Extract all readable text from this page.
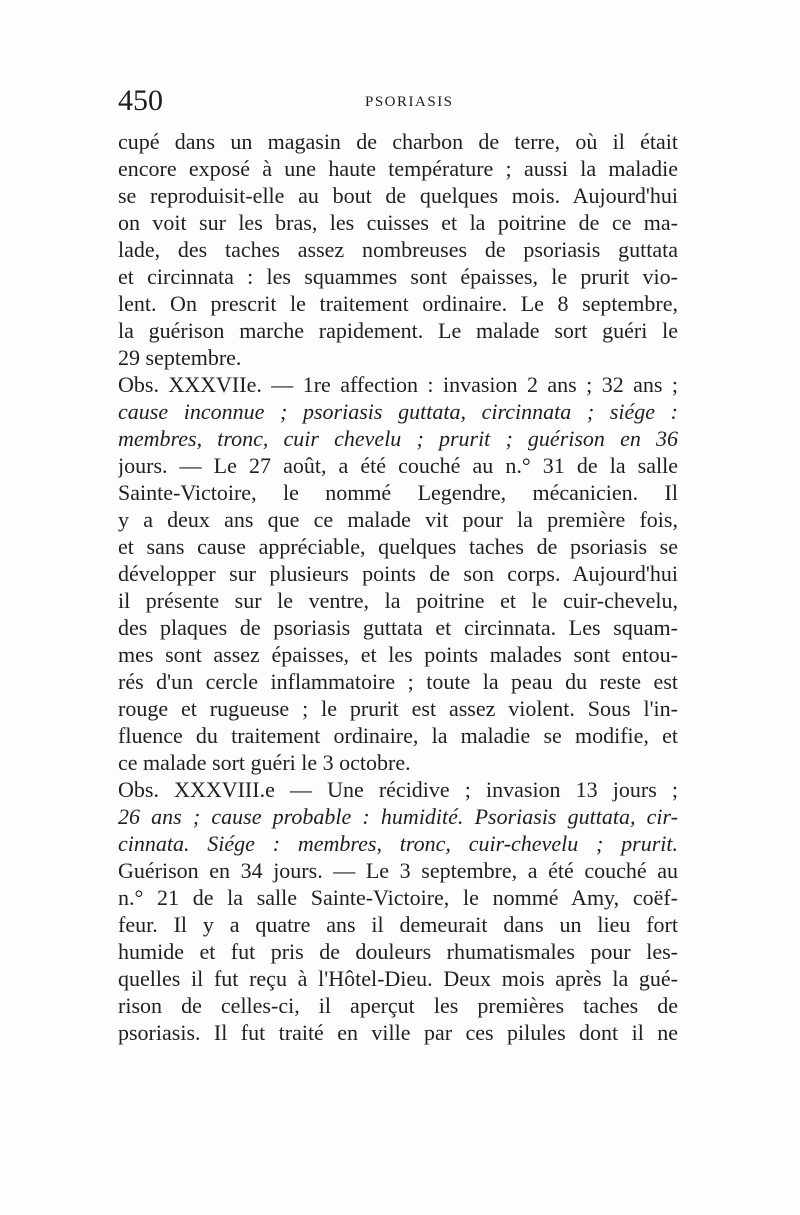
450	PSORIASIS
cupé dans un magasin de charbon de terre, où il était
encore exposé à une haute température ; aussi la maladie
se reproduisit-elle au bout de quelques mois. Aujourd'hui
on voit sur les bras, les cuisses et la poitrine de ce ma-
lade, des taches assez nombreuses de psoriasis guttata
et circinnata : les squammes sont épaisses, le prurit vio-
lent. On prescrit le traitement ordinaire. Le 8 septembre,
la guérison marche rapidement. Le malade sort guéri le
29 septembre.
Obs. XXXVIIe. — 1re affection : invasion 2 ans ; 32 ans ;
cause inconnue ; psoriasis guttata, circinnata ; siége :
membres, tronc, cuir chevelu ; prurit ; guérison en 36
jours. — Le 27 août, a été couché au n.° 31 de la salle
Sainte-Victoire, le nommé Legendre, mécanicien. Il
y a deux ans que ce malade vit pour la première fois,
et sans cause appréciable, quelques taches de psoriasis se
développer sur plusieurs points de son corps. Aujourd'hui
il présente sur le ventre, la poitrine et le cuir-chevelu,
des plaques de psoriasis guttata et circinnata. Les squam-
mes sont assez épaisses, et les points malades sont entou-
rés d'un cercle inflammatoire ; toute la peau du reste est
rouge et rugueuse ; le prurit est assez violent. Sous l'in-
fluence du traitement ordinaire, la maladie se modifie, et
ce malade sort guéri le 3 octobre.
Obs. XXXVIII.e — Une récidive ; invasion 13 jours ;
26 ans ; cause probable : humidité. Psoriasis guttata, cir-
cinnata. Siége : membres, tronc, cuir-chevelu ; prurit.
Guérison en 34 jours. — Le 3 septembre, a été couché au
n.° 21 de la salle Sainte-Victoire, le nommé Amy, coëf-
feur. Il y a quatre ans il demeurait dans un lieu fort
humide et fut pris de douleurs rhumatismales pour les-
quelles il fut reçu à l'Hôtel-Dieu. Deux mois après la gué-
rison de celles-ci, il aperçut les premières taches de
psoriasis. Il fut traité en ville par ces pilules dont il ne
